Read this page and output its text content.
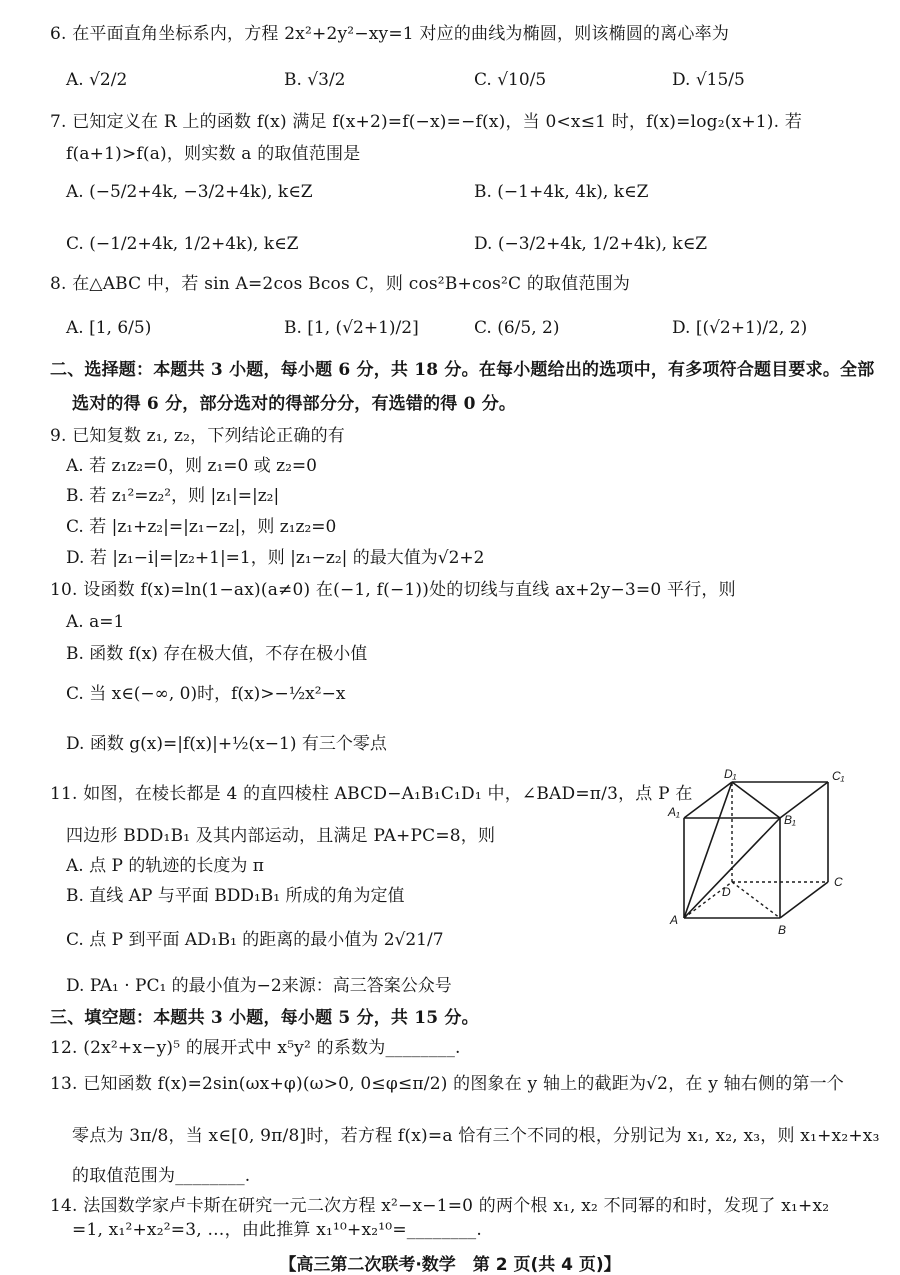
6. 在平面直角坐标系内，方程 2x²+2y²−xy=1 对应的曲线为椭圆，则该椭圆的离心率为
A. √2/2	B. √3/2	C. √10/5	D. √15/5
7. 已知定义在 R 上的函数 f(x) 满足 f(x+2)=f(−x)=−f(x)，当 0<x≤1 时，f(x)=log₂(x+1). 若
f(a+1)>f(a)，则实数 a 的取值范围是
A. (−5/2+4k, −3/2+4k), k∈Z	B. (−1+4k, 4k), k∈Z
C. (−1/2+4k, 1/2+4k), k∈Z	D. (−3/2+4k, 1/2+4k), k∈Z
8. 在△ABC 中，若 sin A=2cos Bcos C，则 cos²B+cos²C 的取值范围为
A. [1, 6/5)	B. [1, (√2+1)/2]	C. (6/5, 2)	D. [(√2+1)/2, 2)
二、选择题：本题共 3 小题，每小题 6 分，共 18 分。在每小题给出的选项中，有多项符合题目要求。全部
选对的得 6 分，部分选对的得部分分，有选错的得 0 分。
9. 已知复数 z₁, z₂，下列结论正确的有
A. 若 z₁z₂=0，则 z₁=0 或 z₂=0
B. 若 z₁²=z₂²，则 |z₁|=|z₂|
C. 若 |z₁+z₂|=|z₁−z₂|，则 z₁z₂=0
D. 若 |z₁−i|=|z₂+1|=1，则 |z₁−z₂| 的最大值为√2+2
10. 设函数 f(x)=ln(1−ax)(a≠0) 在(−1, f(−1))处的切线与直线 ax+2y−3=0 平行，则
A. a=1
B. 函数 f(x) 存在极大值，不存在极小值
C. 当 x∈(−∞, 0)时，f(x)>−½x²−x
D. 函数 g(x)=|f(x)|+½(x−1) 有三个零点
11. 如图，在棱长都是 4 的直四棱柱 ABCD−A₁B₁C₁D₁ 中，∠BAD=π/3，点 P 在
四边形 BDD₁B₁ 及其内部运动，且满足 PA+PC=8，则
A. 点 P 的轨迹的长度为 π
B. 直线 AP 与平面 BDD₁B₁ 所成的角为定值
C. 点 P 到平面 AD₁B₁ 的距离的最小值为 2√21/7
D. PA₁ · PC₁ 的最小值为−2来源：高三答案公众号
D₁	C₁
A₁
B₁
D
C
A
B
三、填空题：本题共 3 小题，每小题 5 分，共 15 分。
12. (2x²+x−y)⁵ 的展开式中 x⁵y² 的系数为________.
13. 已知函数 f(x)=2sin(ωx+φ)(ω>0, 0≤φ≤π/2) 的图象在 y 轴上的截距为√2，在 y 轴右侧的第一个
零点为 3π/8，当 x∈[0, 9π/8]时，若方程 f(x)=a 恰有三个不同的根，分别记为 x₁, x₂, x₃，则 x₁+x₂+x₃
的取值范围为________.
14. 法国数学家卢卡斯在研究一元二次方程 x²−x−1=0 的两个根 x₁, x₂ 不同幂的和时，发现了 x₁+x₂
=1, x₁²+x₂²=3, …，由此推算 x₁¹⁰+x₂¹⁰=________.
【高三第二次联考·数学　第 2 页(共 4 页)】
